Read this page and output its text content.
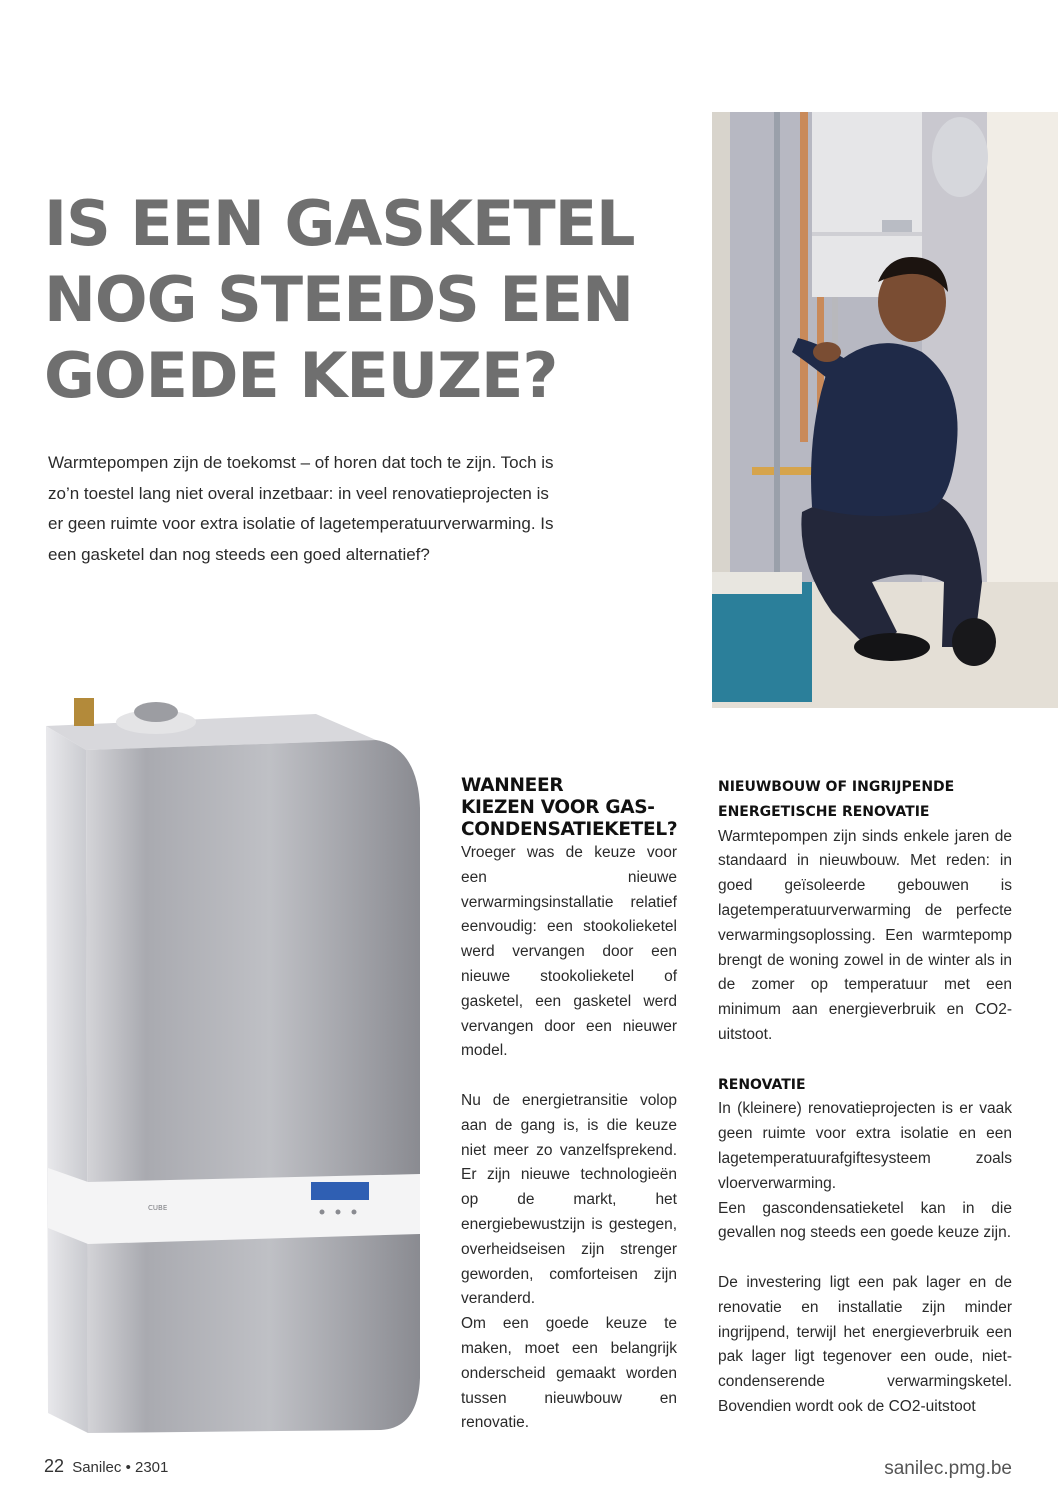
IS EEN GASKETEL
NOG STEEDS EEN
GOEDE KEUZE?

Warmtepompen zijn de toekomst – of horen dat toch te zijn. Toch is zo’n toestel lang niet overal inzetbaar: in veel renovatieprojecten is er geen ruimte voor extra isolatie of lagetemperatuurverwarming. Is een gasketel dan nog steeds een goed alternatief?

CUBE
WANNEER
KIEZEN VOOR GAS-
CONDENSATIEKETEL?

Vroeger was de keuze voor een nieuwe verwarmingsinstallatie relatief eenvoudig: een stookolieketel werd vervangen door een nieuwe stookolieketel of gasketel, een gasketel werd vervangen door een nieuwer model.

Nu de energietransitie volop aan de gang is, is die keuze niet meer zo vanzelfsprekend. Er zijn nieuwe technologieën op de markt, het energiebewustzijn is gestegen, overheidseisen zijn strenger geworden, comforteisen zijn veranderd.

Om een goede keuze te maken, moet een belangrijk onderscheid gemaakt worden tussen nieuwbouw en renovatie.

NIEUWBOUW OF INGRIJPENDE
ENERGETISCHE RENOVATIE

Warmtepompen zijn sinds enkele jaren de standaard in nieuwbouw. Met reden: in goed geïsoleerde gebouwen is lagetemperatuurverwarming de perfecte verwarmingsoplossing. Een warmtepomp brengt de woning zowel in de winter als in de zomer op temperatuur met een minimum aan energieverbruik en CO2-uitstoot.

RENOVATIE

In (kleinere) renovatieprojecten is er vaak geen ruimte voor extra isolatie en een lagetemperatuurafgiftesysteem zoals vloerverwarming.

Een gascondensatieketel kan in die gevallen nog steeds een goede keuze zijn.

De investering ligt een pak lager en de renovatie en installatie zijn minder ingrijpend, terwijl het energieverbruik een pak lager ligt tegenover een oude, niet-condenserende verwarmingsketel. Bovendien wordt ook de CO2-uitstoot

22 Sanilec • 2301	sanilec.pmg.be
